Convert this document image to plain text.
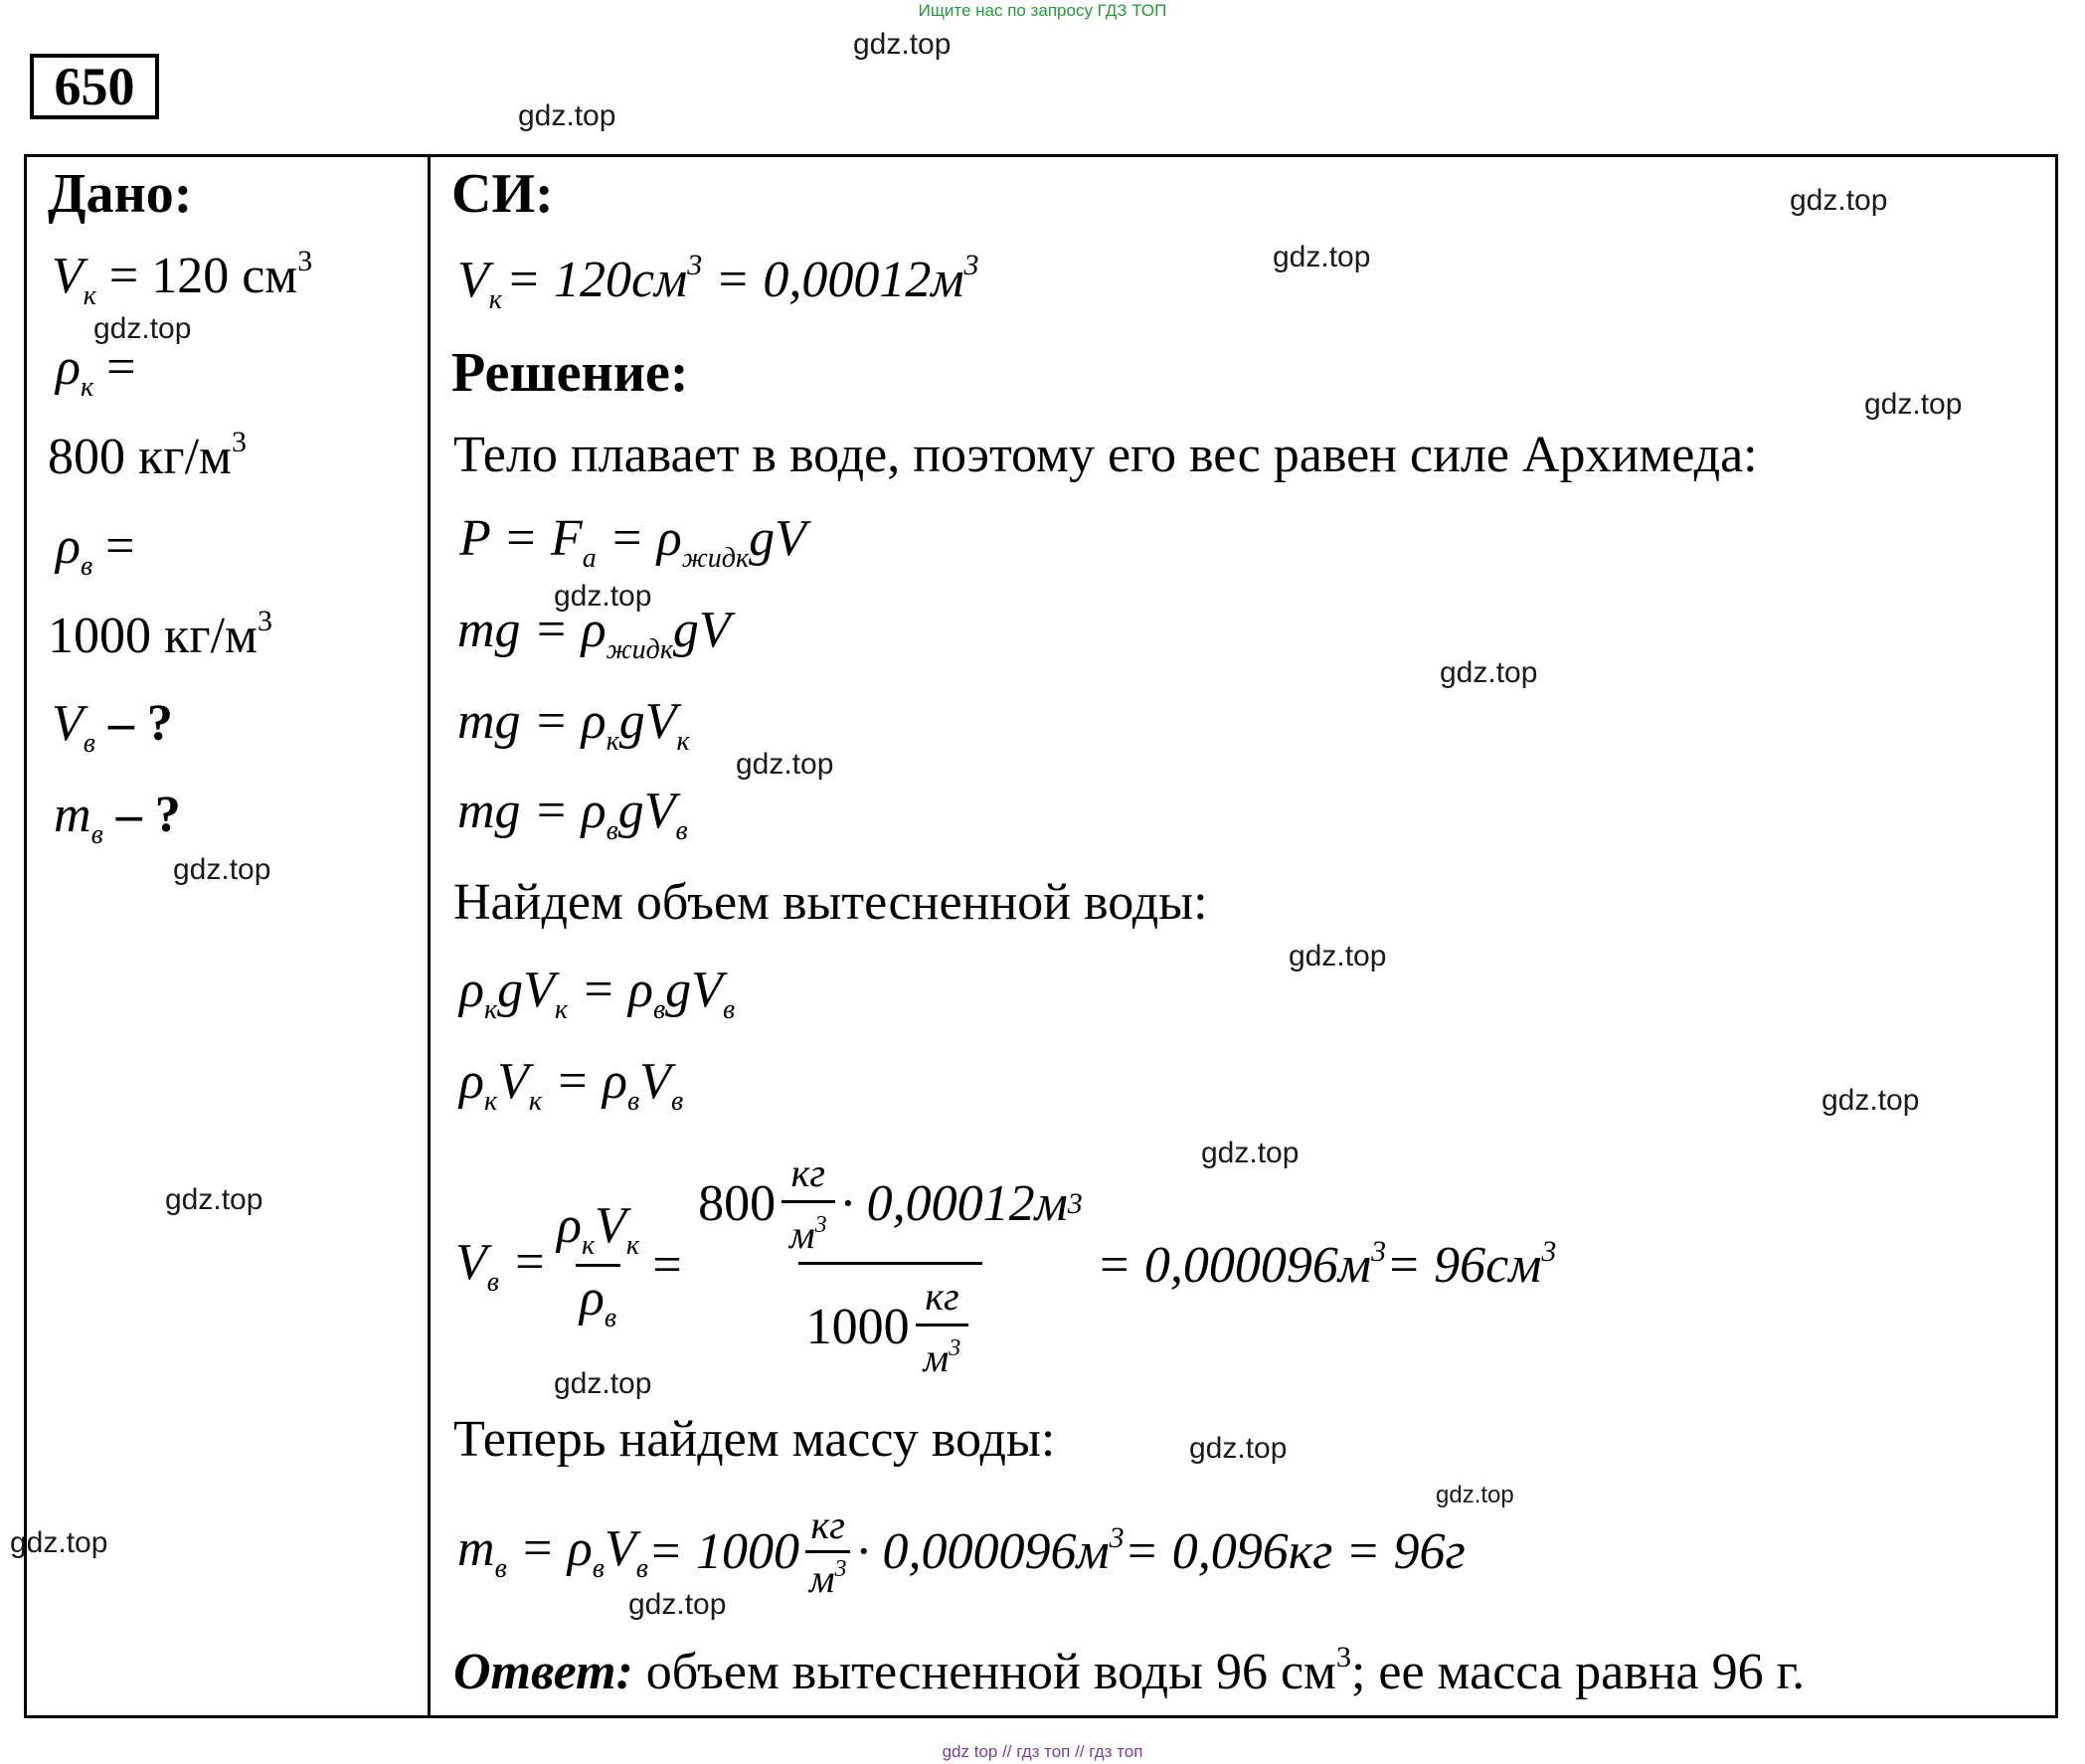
Ищите нас по запросу ГДЗ ТОП
gdz.top
gdz.top
gdz.top
gdz.top
gdz.top
gdz.top
gdz.top
gdz.top
gdz.top
gdz.top
gdz.top
gdz.top
gdz.top
gdz.top
gdz.top
gdz.top
gdz.top
gdz.top
gdz.top
650
Дано:
$V_к = 120$ $см^3$
$\rho_к$ =
800 $кг/м^3$
$\rho_в$ =
1000 $кг/м^3$
$V_в$ – ?
$m_в$ – ?
СИ:
$V_к = 120см^3 = 0,00012м^3$
Решение:
Тело плавает в воде, поэтому его вес равен силе Архимеда:
$P = F_a = \rho_{жидк}gV$
mg = $\rho_{жидк}gV$
mg = $\rho_кgV_к$
mg = $\rho_вgV_в$
Найдем объем вытесненной воды:
$\rho_кgV_к = \rho_вgV_в$
$\rho_кV_к = \rho_вV_в$
$V_в = \frac{\rho_кV_к}{\rho_в} = \frac{800 \frac{кг}{м^3} \cdot 0,00012м 3}{1000 \frac{кг}{м^3}} = 0,000096м$ $^3$ = 96см $^3$
Теперь найдем массу воды:
$m_в = \rho_вV_в = 1000 \frac{кг}{м^3} \cdot 0,000096м$ $^3$ = 0,096кг = 96г
Ответ: объем вытесненной воды 96 $см^3$; ее масса равна 96 г.
gdz top // гдз топ // гдз топ
